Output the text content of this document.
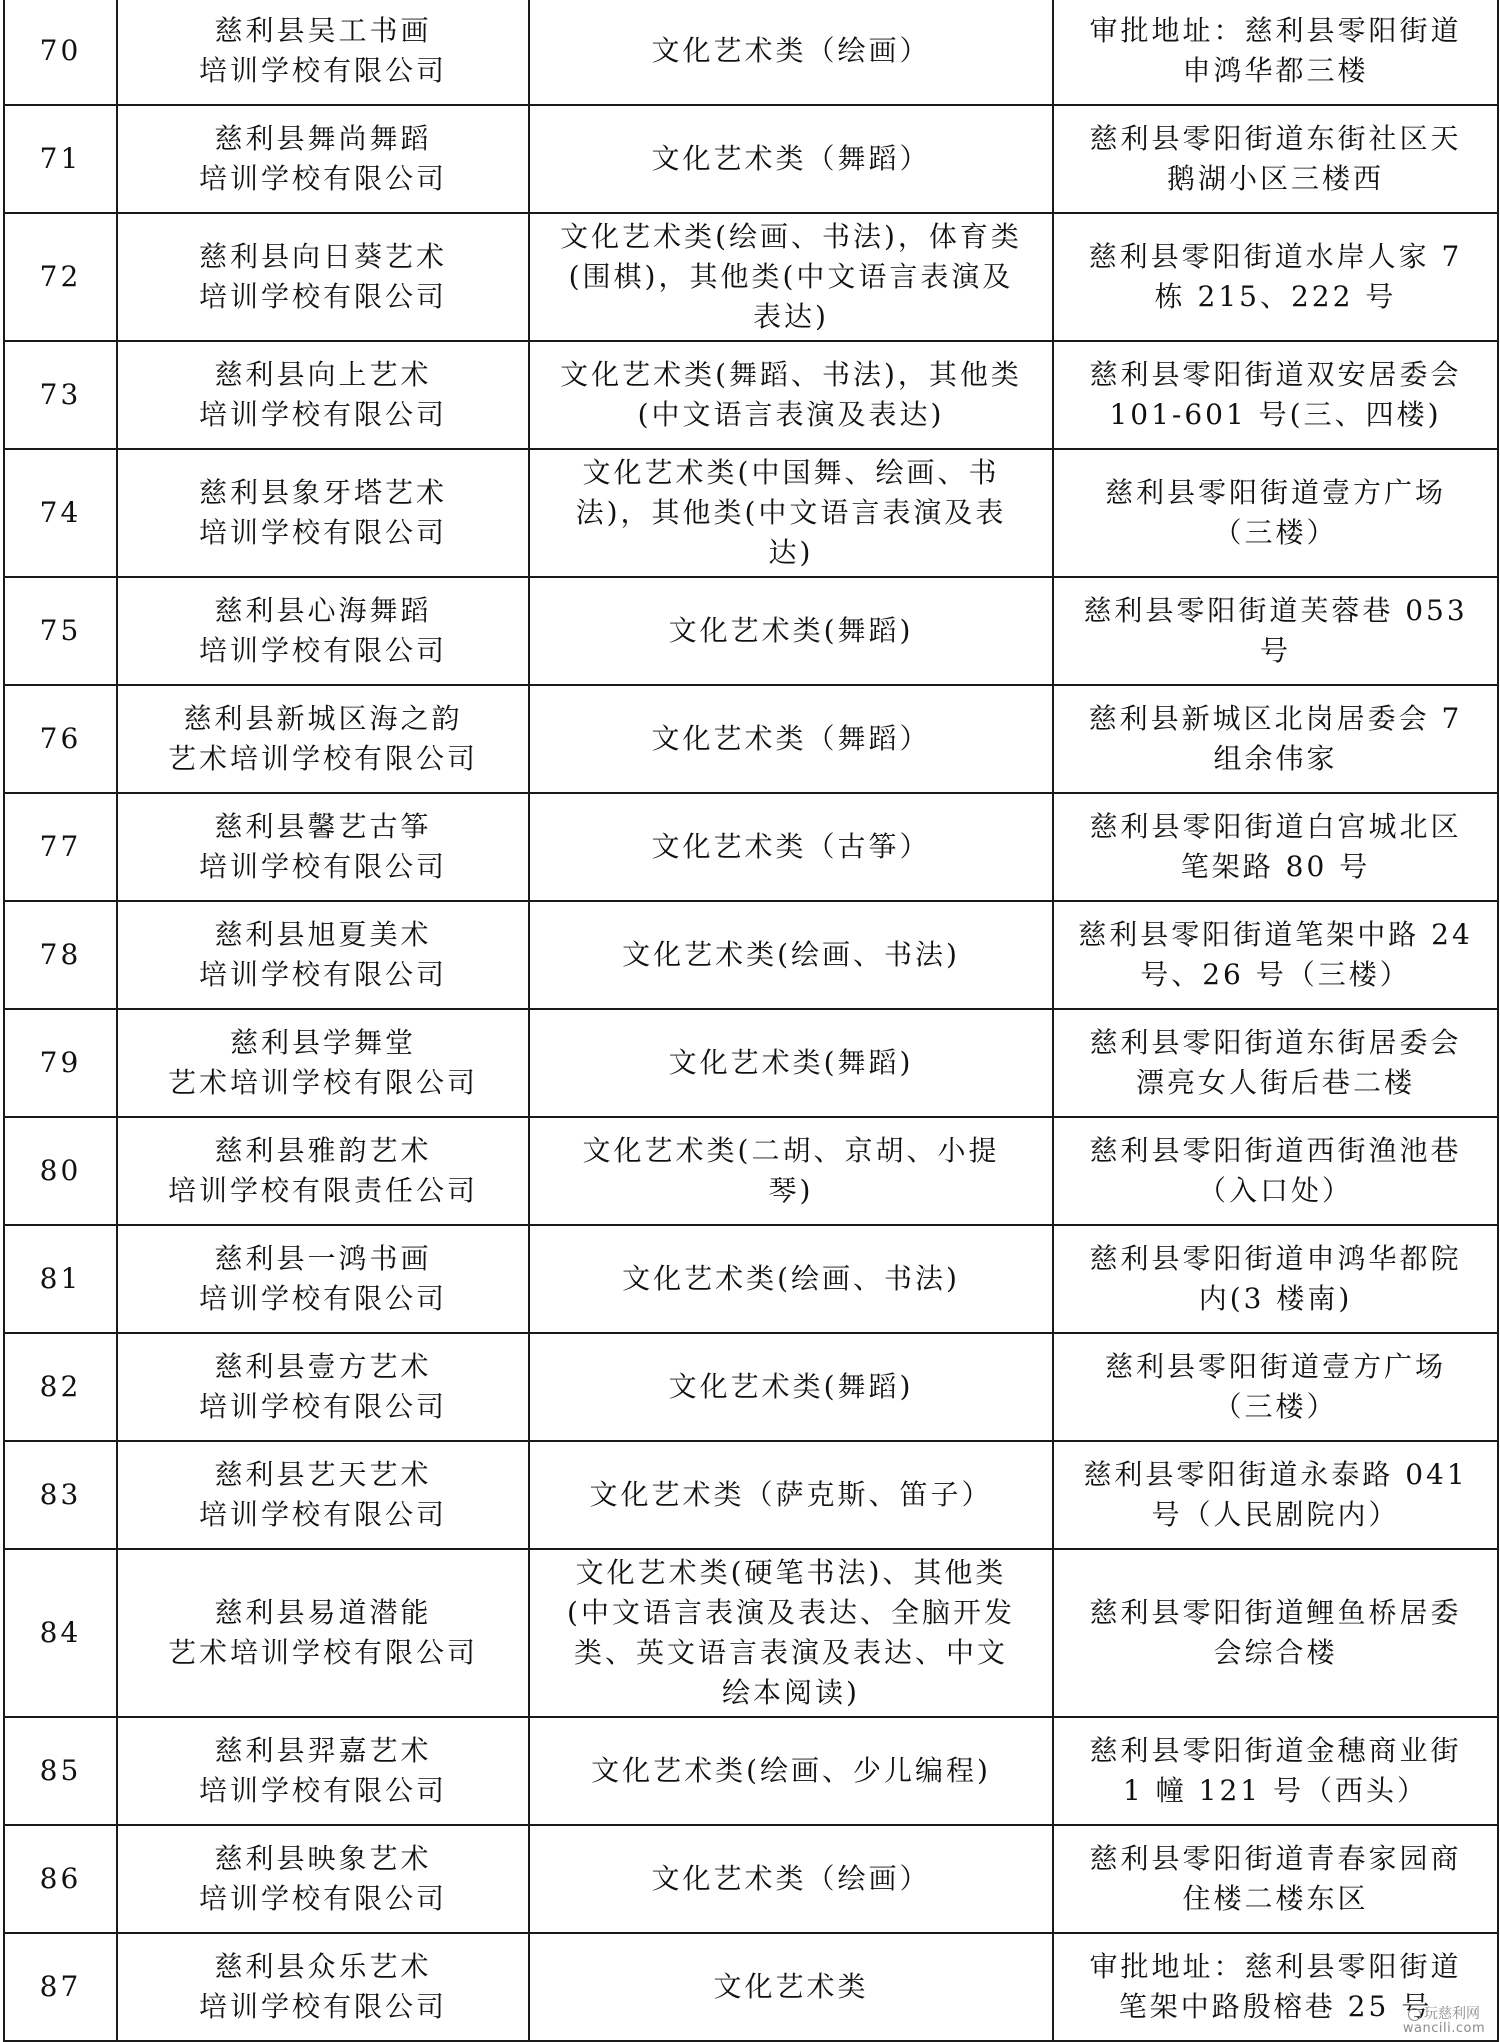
70	慈利县吴工书画
培训学校有限公司	文化艺术类（绘画）	审批地址：慈利县零阳街道
申鸿华都三楼

71	慈利县舞尚舞蹈
培训学校有限公司	文化艺术类（舞蹈）	慈利县零阳街道东街社区天
鹅湖小区三楼西

72	慈利县向日葵艺术
培训学校有限公司	文化艺术类(绘画、书法)，体育类
(围棋)，其他类(中文语言表演及
表达)	慈利县零阳街道水岸人家 7
栋 215、222 号

73	慈利县向上艺术
培训学校有限公司	文化艺术类(舞蹈、书法)，其他类
(中文语言表演及表达)	慈利县零阳街道双安居委会
101-601 号(三、四楼)

74	慈利县象牙塔艺术
培训学校有限公司	文化艺术类(中国舞、绘画、书
法)，其他类(中文语言表演及表
达)	慈利县零阳街道壹方广场
（三楼）

75	慈利县心海舞蹈
培训学校有限公司	文化艺术类(舞蹈)	慈利县零阳街道芙蓉巷 053
号

76	慈利县新城区海之韵
艺术培训学校有限公司	文化艺术类（舞蹈）	慈利县新城区北岗居委会 7
组余伟家

77	慈利县馨艺古筝
培训学校有限公司	文化艺术类（古筝）	慈利县零阳街道白宫城北区
笔架路 80 号

78	慈利县旭夏美术
培训学校有限公司	文化艺术类(绘画、书法)	慈利县零阳街道笔架中路 24
号、26 号（三楼）

79	慈利县学舞堂
艺术培训学校有限公司	文化艺术类(舞蹈)	慈利县零阳街道东街居委会
漂亮女人街后巷二楼

80	慈利县雅韵艺术
培训学校有限责任公司	文化艺术类(二胡、京胡、小提
琴)	慈利县零阳街道西街渔池巷
（入口处）

81	慈利县一鸿书画
培训学校有限公司	文化艺术类(绘画、书法)	慈利县零阳街道申鸿华都院
内(3 楼南)

82	慈利县壹方艺术
培训学校有限公司	文化艺术类(舞蹈)	慈利县零阳街道壹方广场
（三楼）

83	慈利县艺天艺术
培训学校有限公司	文化艺术类（萨克斯、笛子）	慈利县零阳街道永泰路 041
号（人民剧院内）

84	慈利县易道潜能
艺术培训学校有限公司	文化艺术类(硬笔书法)、其他类
(中文语言表演及表达、全脑开发
类、英文语言表演及表达、中文
绘本阅读)	慈利县零阳街道鲤鱼桥居委
会综合楼

85	慈利县羿嘉艺术
培训学校有限公司	文化艺术类(绘画、少儿编程)	慈利县零阳街道金穗商业街
1 幢 121 号（西头）

86	慈利县映象艺术
培训学校有限公司	文化艺术类（绘画）	慈利县零阳街道青春家园商
住楼二楼东区

87	慈利县众乐艺术
培训学校有限公司	文化艺术类	审批地址：慈利县零阳街道
笔架中路殷榕巷 25 号
玩慈利网
wancili.com
